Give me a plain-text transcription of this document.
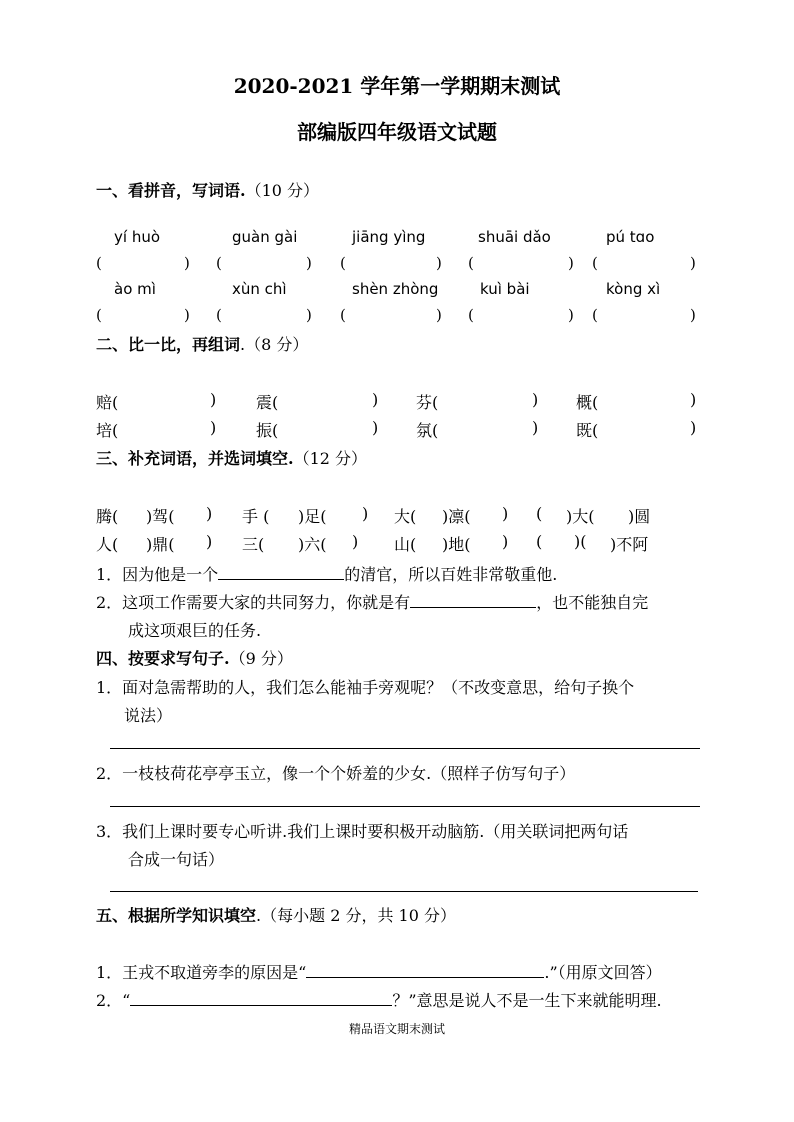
2020-2021 学年第一学期期末测试
部编版四年级语文试题
一、看拼音，写词语.（10 分）
yí huò	guàn gài	jiāng yìng	shuāi dǎo	pú tɑo
(	) (	) (	) (	) (	)
ào mì	xùn chì	shèn zhòng	kuì bài	kòng xì
(	) (	) (	) (	) (	)
二、比一比，再组词.（8 分）
赔(	) 震(	) 芬(	) 概(	)
培(	) 振(	) 氛(	) 既(	)
三、补充词语，并选词填空.（12 分）
腾( )驾( ) 手 ( )足( ) 大( )凛( ) ( )大( )圆
人( )鼎( ) 三( )六( ) 山( )地( ) ( )( )不阿
1．因为他是一个	的清官，所以百姓非常敬重他.
2．这项工作需要大家的共同努力，你就是有	，也不能独自完
成这项艰巨的任务.
四、按要求写句子.（9 分）
1．面对急需帮助的人，我们怎么能袖手旁观呢？（不改变意思，给句子换个
说法）
2．一枝枝荷花亭亭玉立，像一个个娇羞的少女.（照样子仿写句子）
3．我们上课时要专心听讲.我们上课时要积极开动脑筋.（用关联词把两句话
合成一句话）
五、根据所学知识填空.（每小题 2 分，共 10 分）
1．王戎不取道旁李的原因是“	.”（用原文回答）
2．“	？”意思是说人不是一生下来就能明理.
精品语文期末测试
